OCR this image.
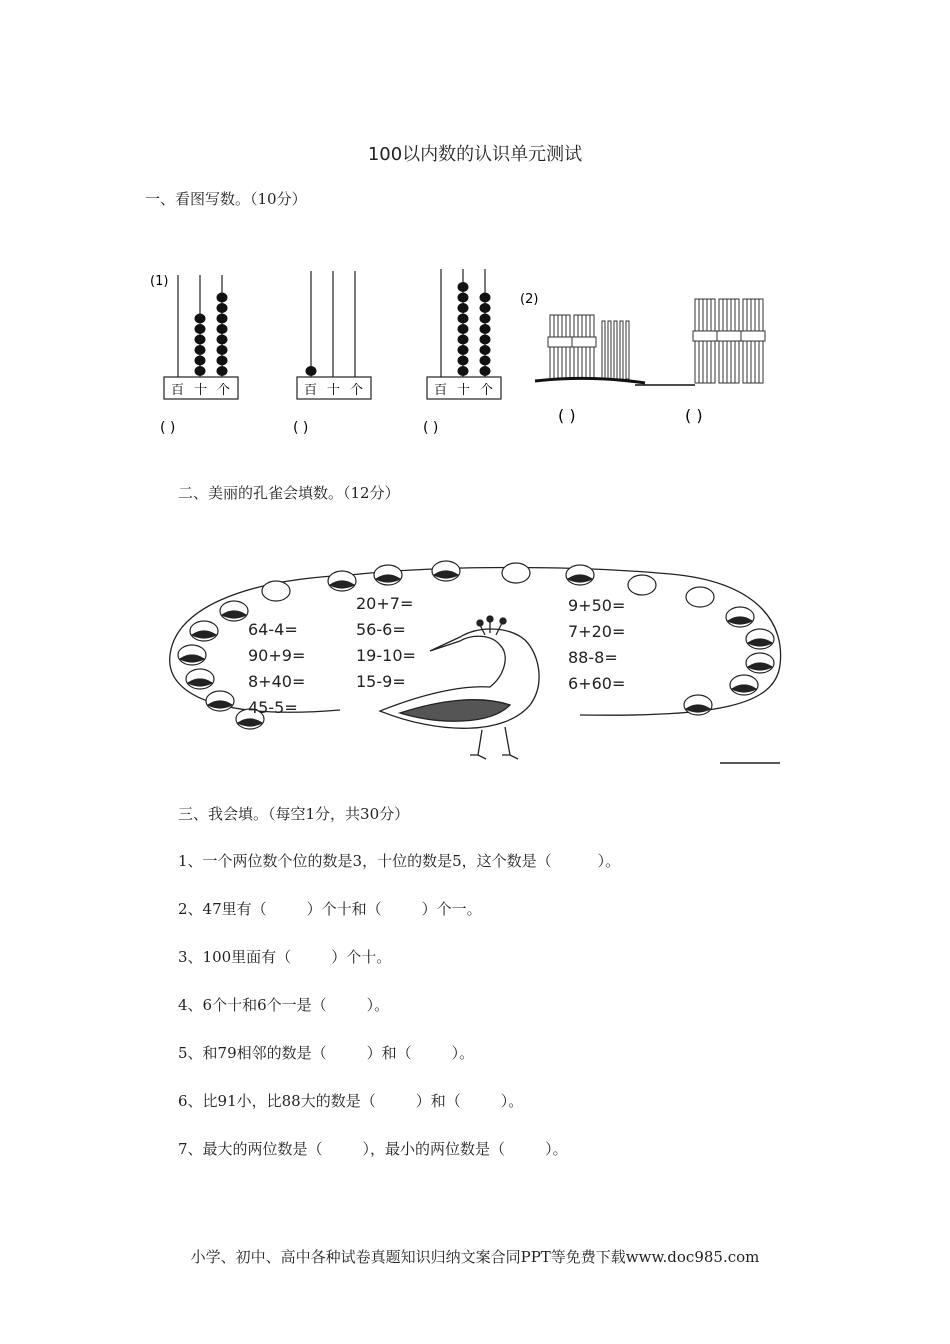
100以内数的认识单元测试
一、看图写数。（10分）
(1)
(2)
百 十 个
( )
百 十 个
( )
百 十 个
( )
( )	( )
二、美丽的孔雀会填数。（12分）
64-4=
90+9=
8+40=
45-5=
20+7=
56-6=
19-10=
15-9=
9+50=
7+20=
88-8=
6+60=
三、我会填。（每空1分，共30分）
1、一个两位数个位的数是3，十位的数是5，这个数是（	）。
2、47里有（	）个十和（	）个一。
3、100里面有（	）个十。
4、6个十和6个一是（	）。
5、和79相邻的数是（	）和（	）。
6、比91小，比88大的数是（	）和（	）。
7、最大的两位数是（	），最小的两位数是（	）。
小学、初中、高中各种试卷真题知识归纳文案合同PPT等免费下载www.doc985.com
